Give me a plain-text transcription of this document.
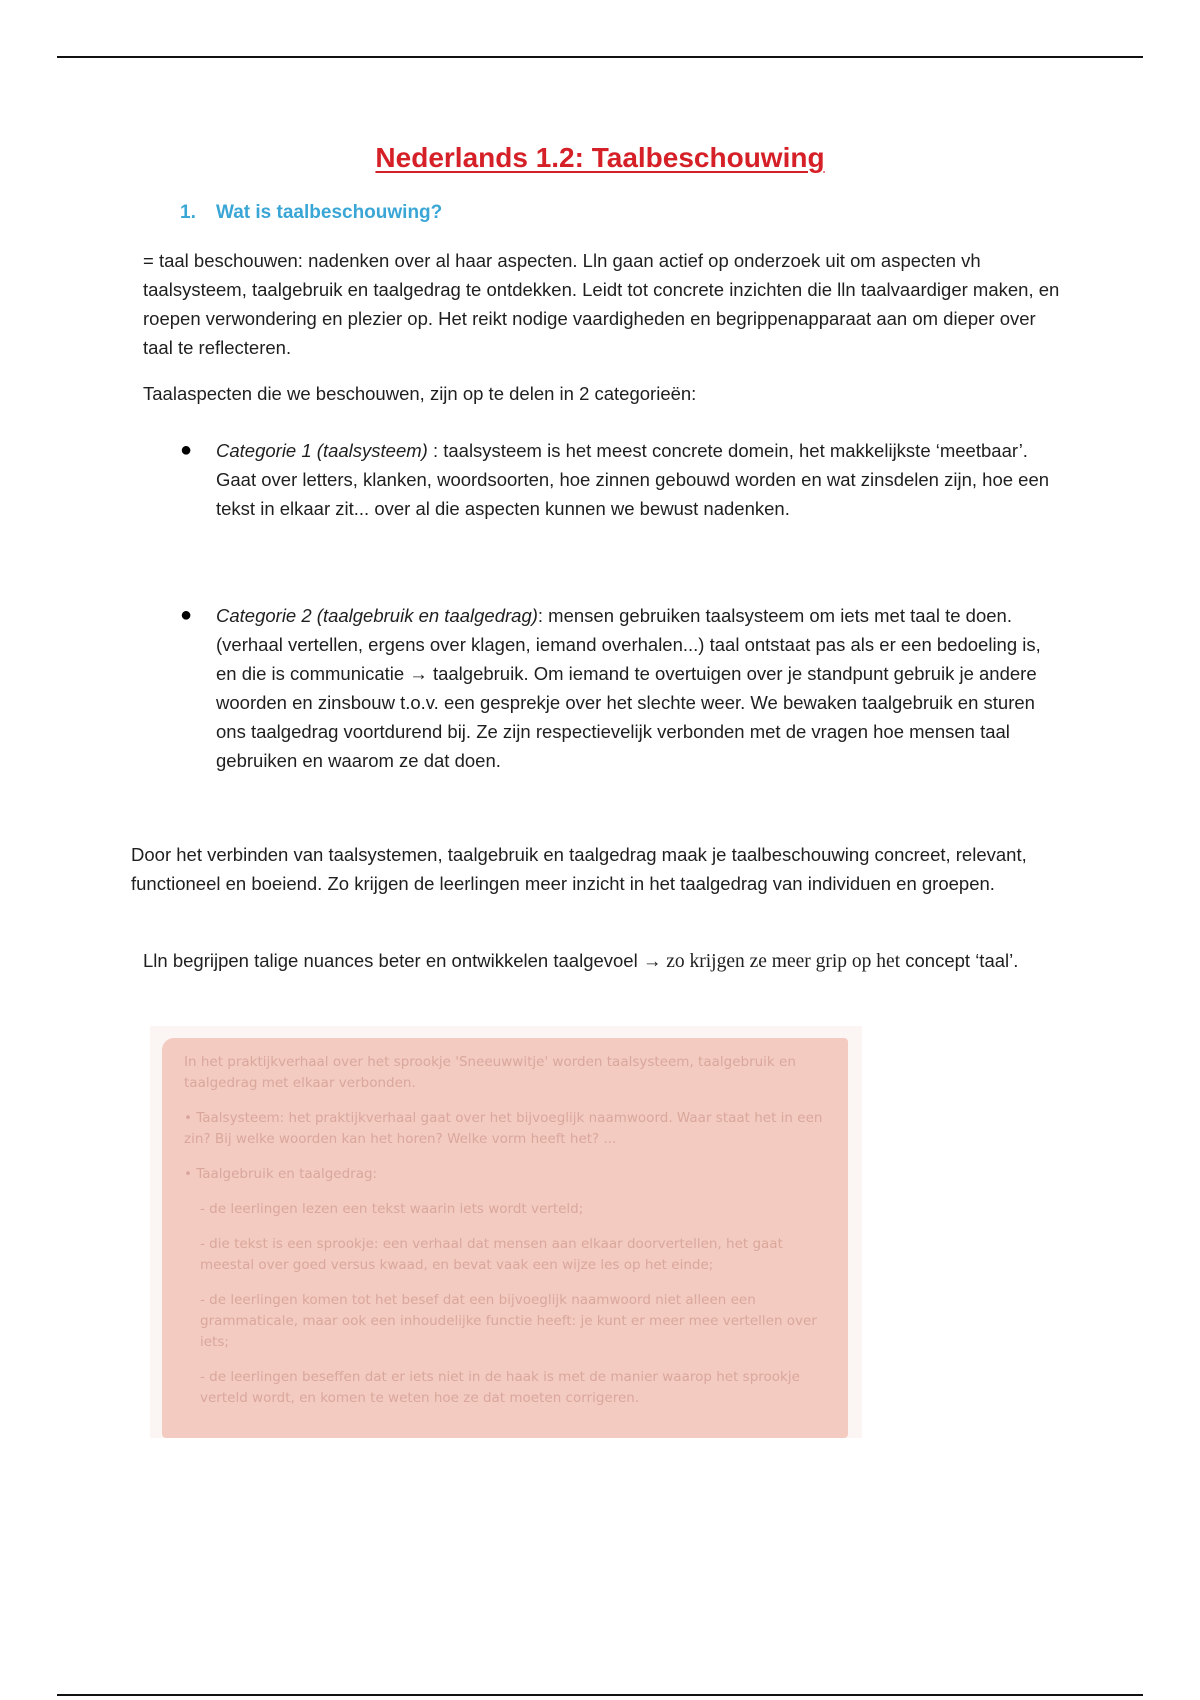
Nederlands 1.2: Taalbeschouwing
1. Wat is taalbeschouwing?

= taal beschouwen: nadenken over al haar aspecten. Lln gaan actief op onderzoek uit om aspecten vh taalsysteem, taalgebruik en taalgedrag te ontdekken. Leidt tot concrete inzichten die lln taalvaardiger maken, en roepen verwondering en plezier op. Het reikt nodige vaardigheden en begrippenapparaat aan om dieper over taal te reflecteren.

Taalaspecten die we beschouwen, zijn op te delen in 2 categorieën:

●	Categorie 1 (taalsysteem) : taalsysteem is het meest concrete domein, het makkelijkste ‘meetbaar’. Gaat over letters, klanken, woordsoorten, hoe zinnen gebouwd worden en wat zinsdelen zijn, hoe een tekst in elkaar zit... over al die aspecten kunnen we bewust nadenken.
●	Categorie 2 (taalgebruik en taalgedrag): mensen gebruiken taalsysteem om iets met taal te doen. (verhaal vertellen, ergens over klagen, iemand overhalen...) taal ontstaat pas als er een bedoeling is, en die is communicatie → taalgebruik. Om iemand te overtuigen over je standpunt gebruik je andere woorden en zinsbouw t.o.v. een gesprekje over het slechte weer. We bewaken taalgebruik en sturen ons taalgedrag voortdurend bij. Ze zijn respectievelijk verbonden met de vragen hoe mensen taal gebruiken en waarom ze dat doen.

Door het verbinden van taalsystemen, taalgebruik en taalgedrag maak je taalbeschouwing concreet, relevant, functioneel en boeiend. Zo krijgen de leerlingen meer inzicht in het taalgedrag van individuen en groepen.

Lln begrijpen talige nuances beter en ontwikkelen taalgevoel → zo krijgen ze meer grip op het concept ‘taal’.

In het praktijkverhaal over het sprookje 'Sneeuwwitje' worden taalsysteem, taalgebruik en taalgedrag met elkaar verbonden.

• Taalsysteem: het praktijkverhaal gaat over het bijvoeglijk naamwoord. Waar staat het in een zin? Bij welke woorden kan het horen? Welke vorm heeft het? ...

• Taalgebruik en taalgedrag:

- de leerlingen lezen een tekst waarin iets wordt verteld;

- die tekst is een sprookje: een verhaal dat mensen aan elkaar doorvertellen, het gaat meestal over goed versus kwaad, en bevat vaak een wijze les op het einde;

- de leerlingen komen tot het besef dat een bijvoeglijk naamwoord niet alleen een grammaticale, maar ook een inhoudelijke functie heeft: je kunt er meer mee vertellen over iets;

- de leerlingen beseffen dat er iets niet in de haak is met de manier waarop het sprookje verteld wordt, en komen te weten hoe ze dat moeten corrigeren.
